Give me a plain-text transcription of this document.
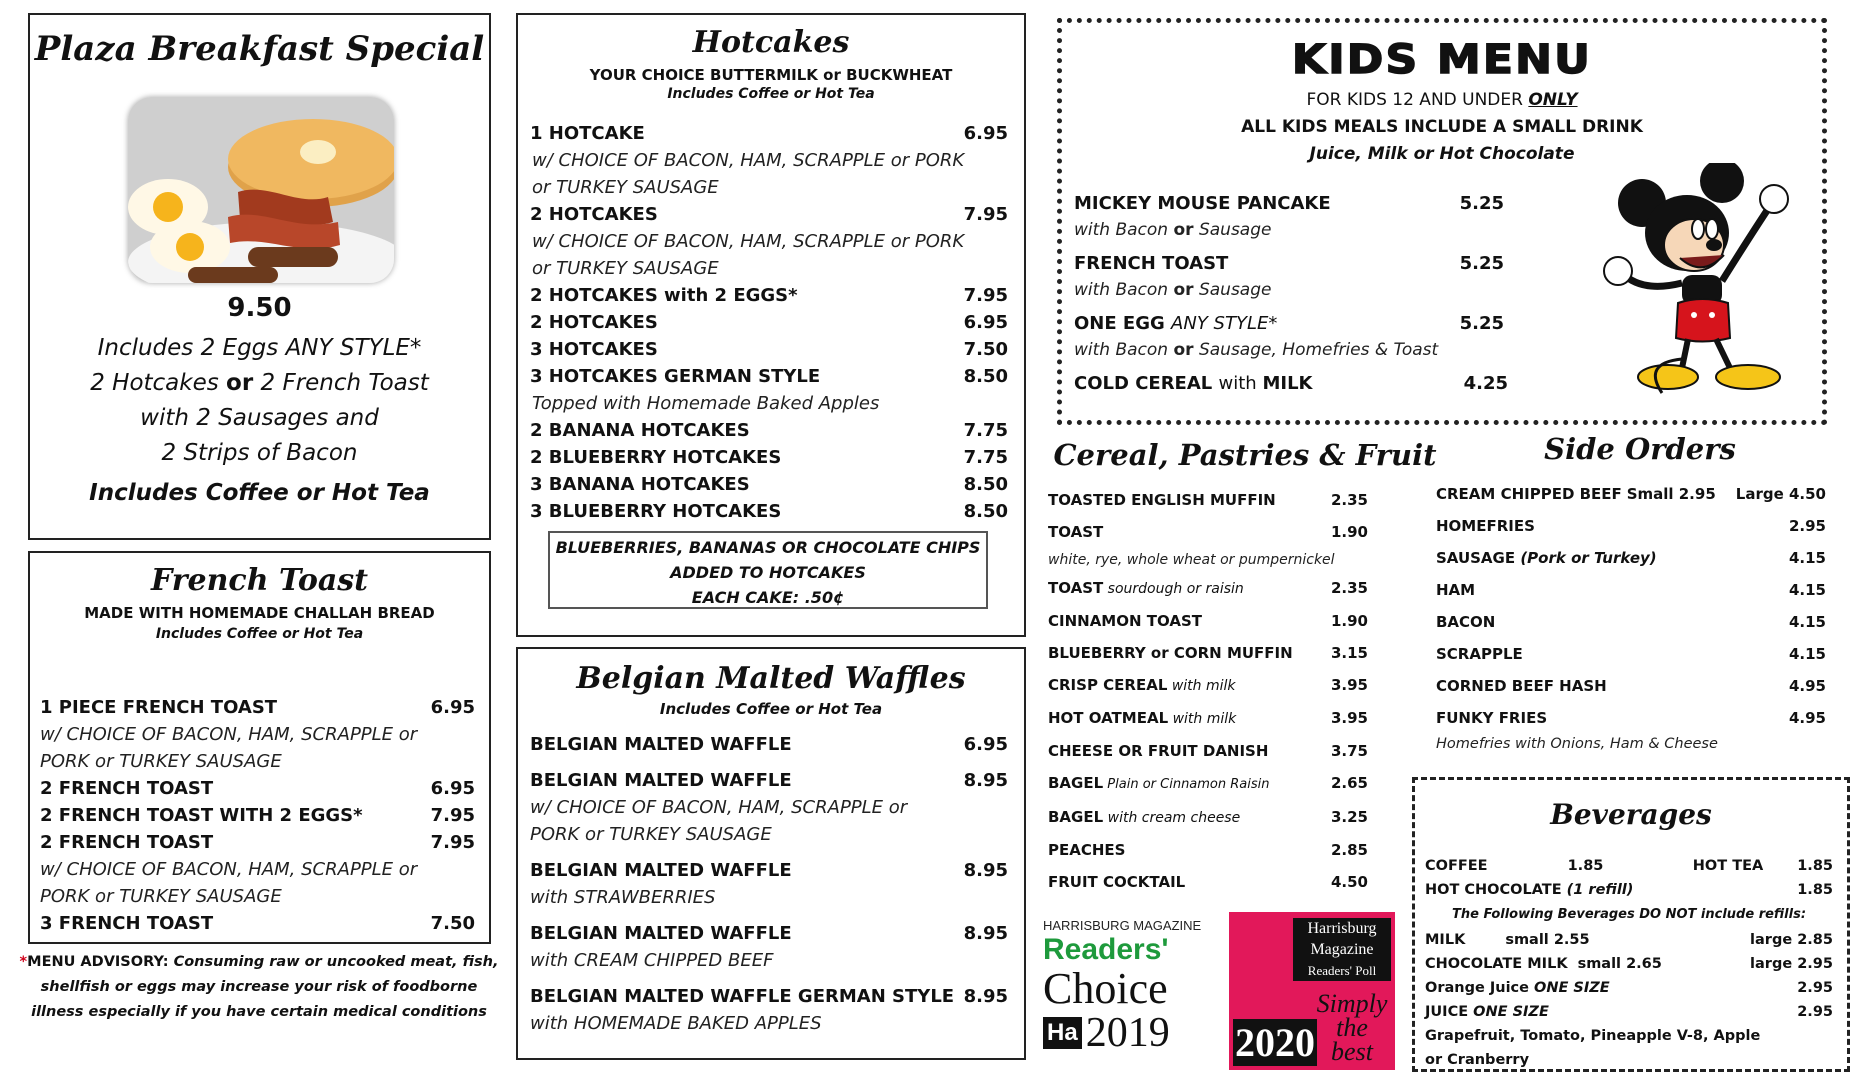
Plaza Breakfast Special
9.50
Includes 2 Eggs ANY STYLE*
2 Hotcakes or 2 French Toast
with 2 Sausages and
2 Strips of Bacon
Includes Coffee or Hot Tea
French Toast
MADE WITH HOMEMADE CHALLAH BREAD
Includes Coffee or Hot Tea
1 PIECE FRENCH TOAST	6.95
w/ CHOICE OF BACON, HAM, SCRAPPLE or
PORK or TURKEY SAUSAGE
2 FRENCH TOAST	6.95
2 FRENCH TOAST WITH 2 EGGS*	7.95
2 FRENCH TOAST	7.95
w/ CHOICE OF BACON, HAM, SCRAPPLE or
PORK or TURKEY SAUSAGE
3 FRENCH TOAST	7.50
*MENU ADVISORY: Consuming raw or uncooked meat, fish, shellfish or eggs may increase your risk of foodborne illness especially if you have certain medical conditions
Hotcakes
YOUR CHOICE BUTTERMILK or BUCKWHEAT
Includes Coffee or Hot Tea
1 HOTCAKE	6.95
w/ CHOICE OF BACON, HAM, SCRAPPLE or PORK
or TURKEY SAUSAGE
2 HOTCAKES	7.95
w/ CHOICE OF BACON, HAM, SCRAPPLE or PORK
or TURKEY SAUSAGE
2 HOTCAKES with 2 EGGS*	7.95
2 HOTCAKES	6.95
3 HOTCAKES	7.50
3 HOTCAKES GERMAN STYLE	8.50
Topped with Homemade Baked Apples
2 BANANA HOTCAKES	7.75
2 BLUEBERRY HOTCAKES	7.75
3 BANANA HOTCAKES	8.50
3 BLUEBERRY HOTCAKES	8.50
BLUEBERRIES, BANANAS OR CHOCOLATE CHIPS
ADDED TO HOTCAKES
EACH CAKE: .50¢
Belgian Malted Waffles
Includes Coffee or Hot Tea
BELGIAN MALTED WAFFLE	6.95
BELGIAN MALTED WAFFLE	8.95
w/ CHOICE OF BACON, HAM, SCRAPPLE or
PORK or TURKEY SAUSAGE
BELGIAN MALTED WAFFLE	8.95
with STRAWBERRIES
BELGIAN MALTED WAFFLE	8.95
with CREAM CHIPPED BEEF
BELGIAN MALTED WAFFLE GERMAN STYLE 8.95
with HOMEMADE BAKED APPLES
KIDS MENU
FOR KIDS 12 AND UNDER ONLY
ALL KIDS MEALS INCLUDE A SMALL DRINK
Juice, Milk or Hot Chocolate
MICKEY MOUSE PANCAKE	5.25
with Bacon or Sausage
FRENCH TOAST	5.25
with Bacon or Sausage
ONE EGG ANY STYLE*	5.25
with Bacon or Sausage, Homefries & Toast
COLD CEREAL with MILK	4.25
Cereal, Pastries & Fruit
TOASTED ENGLISH MUFFIN	2.35
TOAST	1.90
white, rye, whole wheat or pumpernickel
TOAST sourdough or raisin	2.35
CINNAMON TOAST	1.90
BLUEBERRY or CORN MUFFIN	3.15
CRISP CEREAL with milk	3.95
HOT OATMEAL with milk	3.95
CHEESE OR FRUIT DANISH	3.75
BAGEL Plain or Cinnamon Raisin	2.65
BAGEL with cream cheese	3.25
PEACHES	2.85
FRUIT COCKTAIL	4.50
Side Orders
CREAM CHIPPED BEEF Small 2.95 Large 4.50
HOMEFRIES	2.95
SAUSAGE (Pork or Turkey)	4.15
HAM	4.15
BACON	4.15
SCRAPPLE	4.15
CORNED BEEF HASH	4.95
FUNKY FRIES	4.95
Homefries with Onions, Ham & Cheese
Beverages
COFFEE	1.85	HOT TEA 1.85
HOT CHOCOLATE (1 refill)	1.85
The Following Beverages DO NOT include refills:
MILK	small 2.55	large 2.85
CHOCOLATE MILK small 2.65	large 2.95
Orange Juice ONE SIZE	2.95
JUICE ONE SIZE	2.95
Grapefruit, Tomato, Pineapple V-8, Apple
or Cranberry
HARRISBURG MAGAZINE
Readers'
Choice
Ha 2019
Harrisburg
Magazine
Readers' Poll
2020
Simply
the
best
